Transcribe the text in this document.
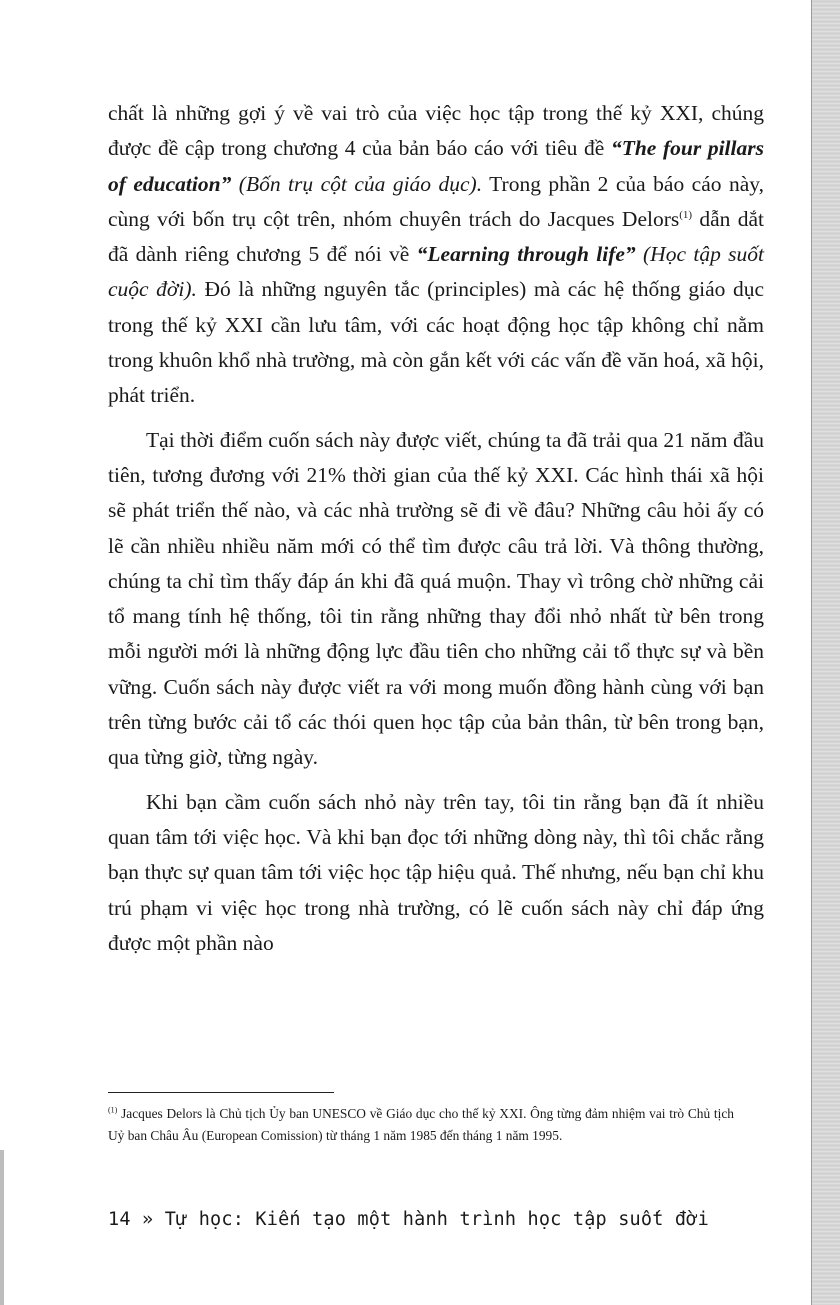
chất là những gợi ý về vai trò của việc học tập trong thế kỷ XXI, chúng được đề cập trong chương 4 của bản báo cáo với tiêu đề “The four pillars of education” (Bốn trụ cột của giáo dục). Trong phần 2 của báo cáo này, cùng với bốn trụ cột trên, nhóm chuyên trách do Jacques Delors$^{(1)}$ dẫn dắt đã dành riêng chương 5 để nói về “Learning through life” (Học tập suốt cuộc đời). Đó là những nguyên tắc (principles) mà các hệ thống giáo dục trong thế kỷ XXI cần lưu tâm, với các hoạt động học tập không chỉ nằm trong khuôn khổ nhà trường, mà còn gắn kết với các vấn đề văn hoá, xã hội, phát triển.

Tại thời điểm cuốn sách này được viết, chúng ta đã trải qua 21 năm đầu tiên, tương đương với 21% thời gian của thế kỷ XXI. Các hình thái xã hội sẽ phát triển thế nào, và các nhà trường sẽ đi về đâu? Những câu hỏi ấy có lẽ cần nhiều nhiều năm mới có thể tìm được câu trả lời. Và thông thường, chúng ta chỉ tìm thấy đáp án khi đã quá muộn. Thay vì trông chờ những cải tổ mang tính hệ thống, tôi tin rằng những thay đổi nhỏ nhất từ bên trong mỗi người mới là những động lực đầu tiên cho những cải tổ thực sự và bền vững. Cuốn sách này được viết ra với mong muốn đồng hành cùng với bạn trên từng bước cải tổ các thói quen học tập của bản thân, từ bên trong bạn, qua từng giờ, từng ngày.

Khi bạn cầm cuốn sách nhỏ này trên tay, tôi tin rằng bạn đã ít nhiều quan tâm tới việc học. Và khi bạn đọc tới những dòng này, thì tôi chắc rằng bạn thực sự quan tâm tới việc học tập hiệu quả. Thế nhưng, nếu bạn chỉ khu trú phạm vi việc học trong nhà trường, có lẽ cuốn sách này chỉ đáp ứng được một phần nào

$^{(1)}$ Jacques Delors là Chủ tịch Ủy ban UNESCO về Giáo dục cho thế kỷ XXI. Ông từng đảm nhiệm vai trò Chủ tịch Uỷ ban Châu Âu (European Comission) từ tháng 1 năm 1985 đến tháng 1 năm 1995.
14 » Tự học: Kiến tạo một hành trình học tập suốt đời
